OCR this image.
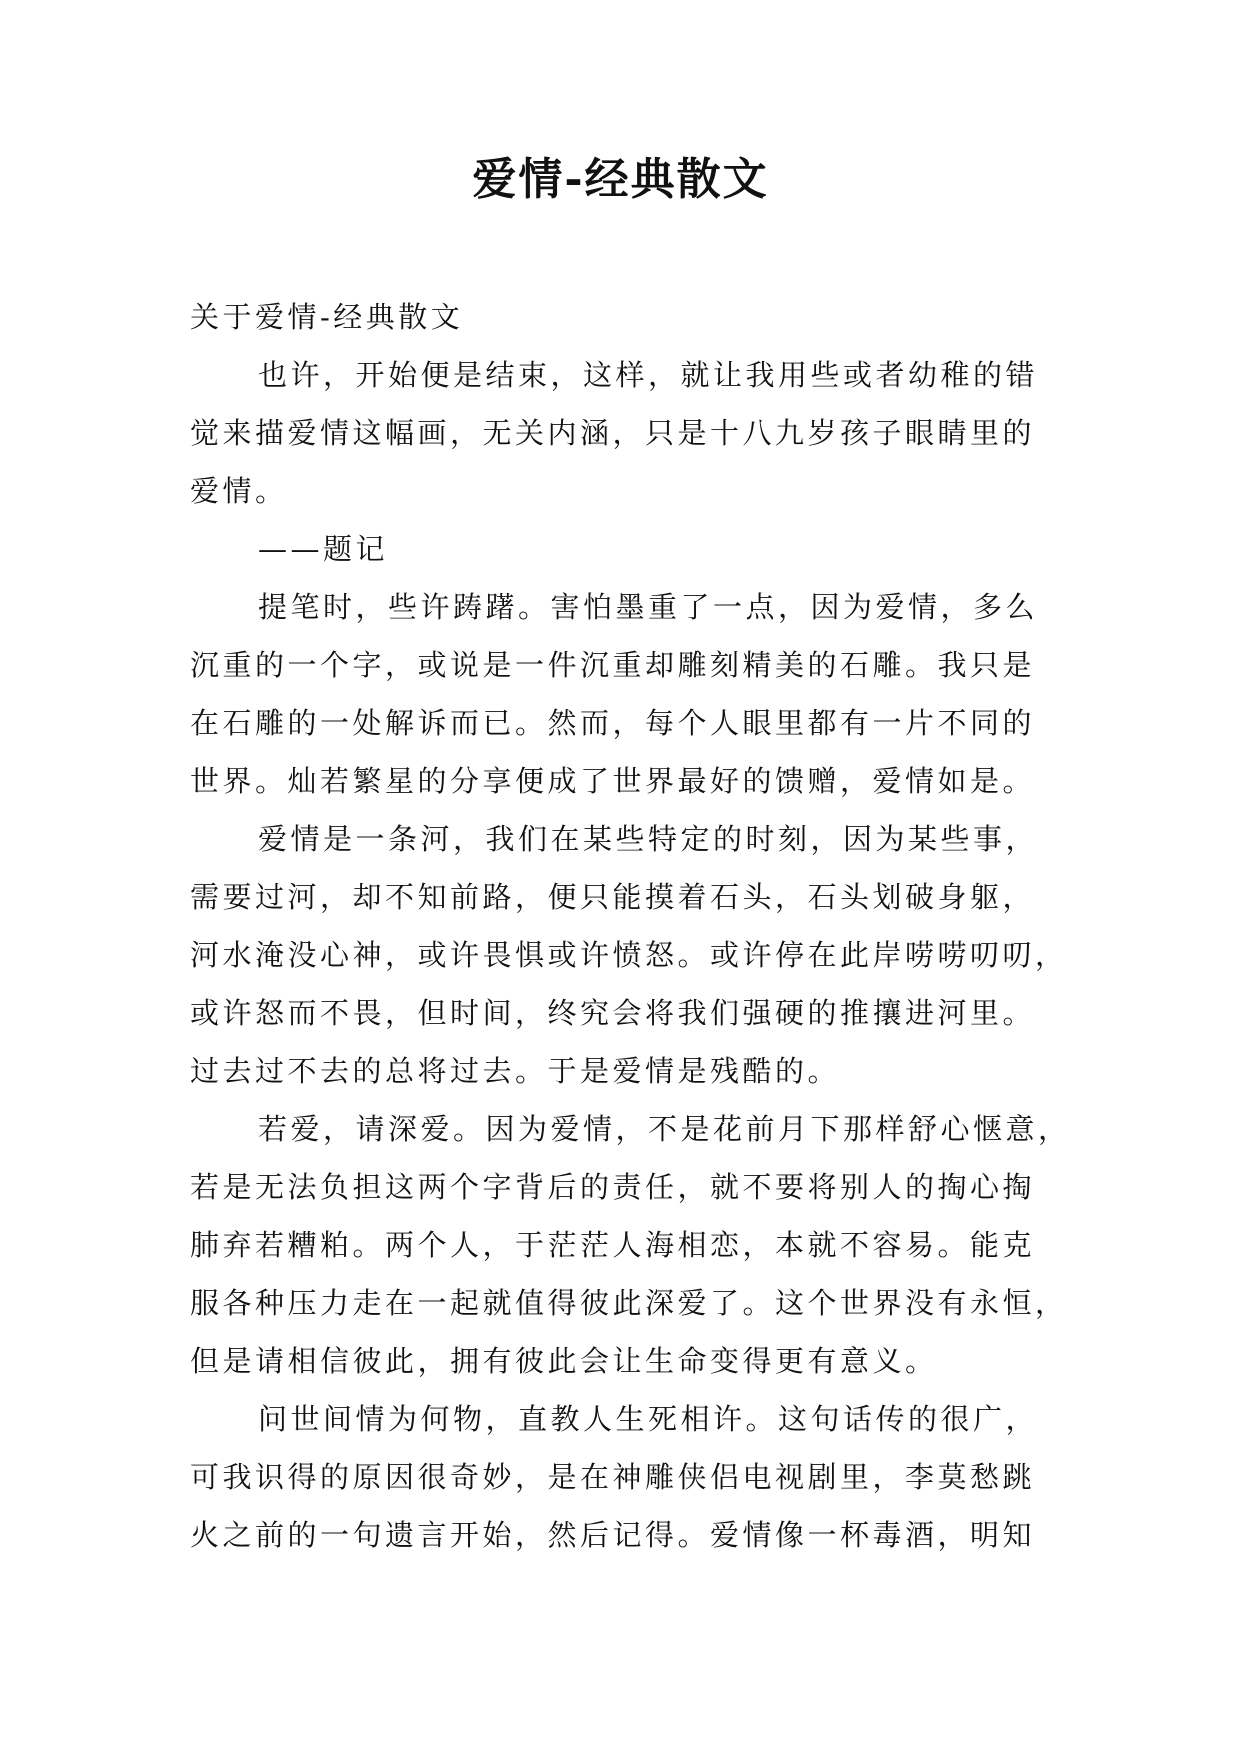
爱情-经典散文

关于爱情-经典散文

也许，开始便是结束，这样，就让我用些或者幼稚的错

觉来描爱情这幅画，无关内涵，只是十八九岁孩子眼睛里的

爱情。

——题记

提笔时，些许踌躇。害怕墨重了一点，因为爱情，多么

沉重的一个字，或说是一件沉重却雕刻精美的石雕。我只是

在石雕的一处解诉而已。然而，每个人眼里都有一片不同的

世界。灿若繁星的分享便成了世界最好的馈赠，爱情如是。

爱情是一条河，我们在某些特定的时刻，因为某些事，

需要过河，却不知前路，便只能摸着石头，石头划破身躯，

河水淹没心神，或许畏惧或许愤怒。或许停在此岸唠唠叨叨，

或许怒而不畏，但时间，终究会将我们强硬的推攘进河里。

过去过不去的总将过去。于是爱情是残酷的。

若爱，请深爱。因为爱情，不是花前月下那样舒心惬意，

若是无法负担这两个字背后的责任，就不要将别人的掏心掏

肺弃若糟粕。两个人，于茫茫人海相恋，本就不容易。能克

服各种压力走在一起就值得彼此深爱了。这个世界没有永恒，

但是请相信彼此，拥有彼此会让生命变得更有意义。

问世间情为何物，直教人生死相许。这句话传的很广，

可我识得的原因很奇妙，是在神雕侠侣电视剧里，李莫愁跳

火之前的一句遗言开始，然后记得。爱情像一杯毒酒，明知
